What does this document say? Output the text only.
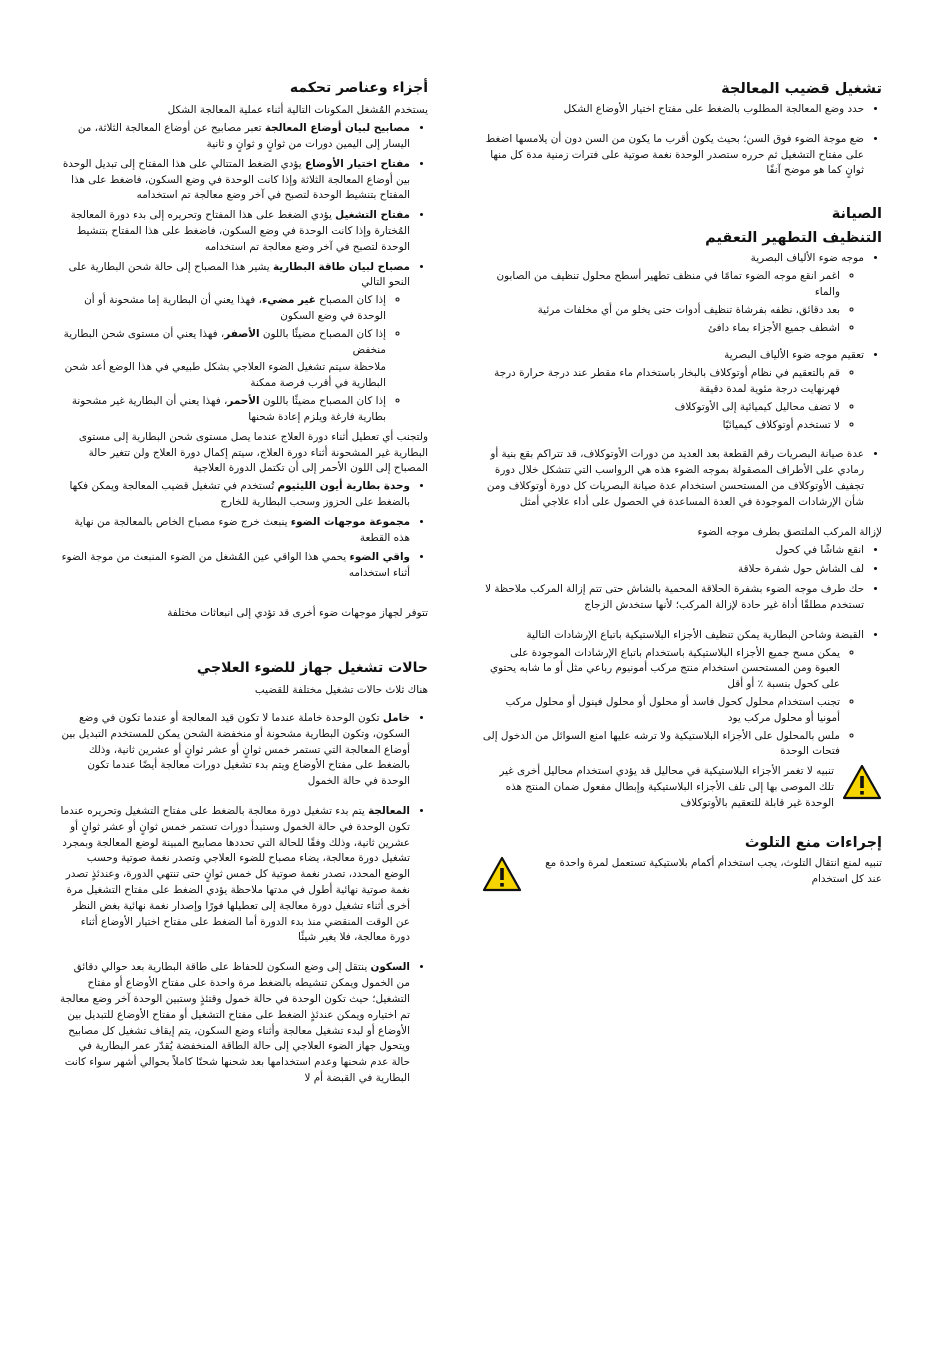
تشغيل قضيب المعالجة
• حدد وضع المعالجة المطلوب بالضغط على مفتاح اختيار الأوضاع الشكل
• ضع موجة الضوء فوق السن؛ بحيث يكون أقرب ما يكون من السن دون أن يلامسها اضغط على مفتاح التشغيل ثم حرره ستصدر الوحدة نغمة صوتية على فترات زمنية مدة كل منها ثوانٍ كما هو موضح آنفًا
الصيانة
التنظيف التطهير التعقيم
• موجه ضوء الألياف البصرية
◦ اغمر انقع موجه الضوء تمامًا في منظف تطهير أسطح محلول تنظيف من الصابون والماء
◦ بعد دقائق، نظفه بفرشاة تنظيف أدوات حتى يخلو من أي مخلفات مرئية
◦ اشطف جميع الأجزاء بماء دافئ
• تعقيم موجه ضوء الألياف البصرية
◦ قم بالتعقيم في نظام أوتوكلاف بالبخار باستخدام ماء مقطر عند درجة حرارة درجة فهرنهايت درجة مئوية لمدة دقيقة
◦ لا تضف محاليل كيميائية إلى الأوتوكلاف
◦ لا تستخدم أوتوكلاف كيميائيًا
• عدة صيانة البصريات رقم القطعة بعد العديد من دورات الأوتوكلاف، قد تتراكم بقع بنية أو رمادي على الأطراف المصقولة بموجه الضوء هذه هي الرواسب التي تتشكل خلال دورة تجفيف الأوتوكلاف من المستحسن استخدام عدة صيانة البصريات كل دورة أوتوكلاف ومن شأن الإرشادات الموجودة في العدة المساعدة في الحصول على أداء علاجي أمثل

لإزالة المركب الملتصق بطرف موجه الضوء

• انقع شاشًا في كحول
• لف الشاش حول شفرة حلاقة
• حك طرف موجه الضوء بشفرة الحلاقة المحمية بالشاش حتى تتم إزالة المركب ملاحظة لا تستخدم مطلقًا أداة غير حادة لإزالة المركب؛ لأنها ستخدش الزجاج
• القبضة وشاحن البطارية يمكن تنظيف الأجزاء البلاستيكية باتباع الإرشادات التالية
◦ يمكن مسح جميع الأجزاء البلاستيكية باستخدام باتباع الإرشادات الموجودة على العبوة ومن المستحسن استخدام منتج مركب أمونيوم رباعي مثل أو ما شابه يحتوي على كحول بنسبة ٪ أو أقل
◦ تجنب استخدام محلول كحول فاسد أو محلول أو محلول فينول أو محلول مركب أمونيا أو محلول مركب يود
◦ ملس بالمحلول على الأجزاء البلاستيكية ولا ترشه عليها امنع السوائل من الدخول إلى فتحات الوحدة
تنبيه لا تغمر الأجزاء البلاستيكية في محاليل قد يؤدي استخدام محاليل أخرى غير تلك الموصى بها إلى تلف الأجزاء البلاستيكية وإبطال مفعول ضمان المنتج هذه الوحدة غير قابلة للتعقيم بالأوتوكلاف
إجراءات منع التلوث
تنبيه لمنع انتقال التلوث، يجب استخدام أكمام بلاستيكية تستعمل لمرة واحدة مع عند كل استخدام
أجزاء وعناصر تحكمه

يستخدم المُشغل المكونات التالية أثناء عملية المعالجة الشكل

• مصابيح لبيان أوضاع المعالجة تعبر مصابيح عن أوضاع المعالجة الثلاثة، من اليسار إلى اليمين دورات من ثوانٍ و ثوانٍ و ثانية
• مفتاح اختيار الأوضاع يؤدي الضغط المتتالي على هذا المفتاح إلى تبديل الوحدة بين أوضاع المعالجة الثلاثة وإذا كانت الوحدة في وضع السكون، فاضغط على هذا المفتاح بتنشيط الوحدة لتصبح في آخر وضع معالجة تم استخدامه
• مفتاح التشغيل يؤدي الضغط على هذا المفتاح وتحريره إلى بدء دورة المعالجة المُختارة وإذا كانت الوحدة في وضع السكون، فاضغط على هذا المفتاح بتنشيط الوحدة لتصبح في آخر وضع معالجة تم استخدامه
• مصباح لبيان طاقة البطارية يشير هذا المصباح إلى حالة شحن البطارية على النحو التالي
◦ إذا كان المصباح غير مضيء، فهذا يعني أن البطارية إما مشحونة أو أن الوحدة في وضع السكون
◦ إذا كان المصباح مضيئًا باللون الأصفر، فهذا يعني أن مستوى شحن البطارية منخفض
ملاحظة سيتم تشغيل الضوء العلاجي بشكل طبيعي في هذا الوضع أعد شحن البطارية في أقرب فرصة ممكنة
◦ إذا كان المصباح مضيئًا باللون الأحمر، فهذا يعني أن البطارية غير مشحونة بطارية فارغة ويلزم إعادة شحنها

ولتجنب أي تعطيل أثناء دورة العلاج عندما يصل مستوى شحن البطارية إلى مستوى البطارية غير المشحونة أثناء دورة العلاج، سيتم إكمال دورة العلاج ولن تتغير حالة المصباح إلى اللون الأحمر إلى أن تكتمل الدورة العلاجية

• وحدة بطارية أيون الليثيوم تُستخدم في تشغيل قضيب المعالجة ويمكن فكها بالضغط على الحزوز وسحب البطارية للخارج
• مجموعة موجهات الضوء ينبعث خرج ضوء مصباح الخاص بالمعالجة من نهاية هذه القطعة
• واقي الضوء يحمي هذا الواقي عين المُشغل من الضوء المنبعث من موجة الضوء أثناء استخدامه

تتوفر لجهاز موجهات ضوء أخرى قد تؤدي إلى انبعاثات مختلفة

حالات تشغيل جهاز للضوء العلاجي

هناك ثلاث حالات تشغيل مختلفة للقضيب

• خامل تكون الوحدة خاملة عندما لا تكون قيد المعالجة أو عندما تكون في وضع السكون، وتكون البطارية مشحونة أو منخفضة الشحن يمكن للمستخدم التبديل بين أوضاع المعالجة التي تستمر خمس ثوانٍ أو عشر ثوانٍ أو عشرين ثانية، وذلك بالضغط على مفتاح الأوضاع ويتم بدء تشغيل دورات معالجة أيضًا عندما تكون الوحدة في حالة الخمول
• المعالجة يتم بدء تشغيل دورة معالجة بالضغط على مفتاح التشغيل وتحريره عندما تكون الوحدة في حالة الخمول وستبدأ دورات تستمر خمس ثوانٍ أو عشر ثوانٍ أو عشرين ثانية، وذلك وفقًا للحالة التي تحددها مصابيح المبينة لوضع المعالجة وبمجرد تشغيل دورة معالجة، يضاء مصباح للضوء العلاجي وتصدر نغمة صوتية وحسب الوضع المحدد، تصدر نغمة صوتية كل خمس ثوانٍ حتى تنتهي الدورة، وعندئذٍ تصدر نغمة صوتية نهائية أطول في مدتها ملاحظة يؤدي الضغط على مفتاح التشغيل مرة أخرى أثناء تشغيل دورة معالجة إلى تعطيلها فورًا وإصدار نغمة نهائية بغض النظر عن الوقت المنقضي منذ بدء الدورة أما الضغط على مفتاح اختيار الأوضاع أثناء دورة معالجة، فلا يغير شيئًا
• السكون ينتقل إلى وضع السكون للحفاظ على طاقة البطارية بعد حوالي دقائق من الخمول ويمكن تنشيطه بالضغط مرة واحدة على مفتاح الأوضاع أو مفتاح التشغيل؛ حيث تكون الوحدة في حالة خمول وقتئذٍ وستبين الوحدة آخر وضع معالجة تم اختياره ويمكن عندئذٍ الضغط على مفتاح التشغيل أو مفتاح الأوضاع للتبديل بين الأوضاع أو لبدء تشغيل معالجة وأثناء وضع السكون، يتم إيقاف تشغيل كل مصابيح ويتحول جهاز الضوء العلاجي إلى حالة الطاقة المنخفضة يُقدّر عمر البطارية في حالة عدم شحنها وعدم استخدامها بعد شحنها شحنًا كاملاً بحوالي أشهر سواء كانت البطارية في القبضة أم لا
